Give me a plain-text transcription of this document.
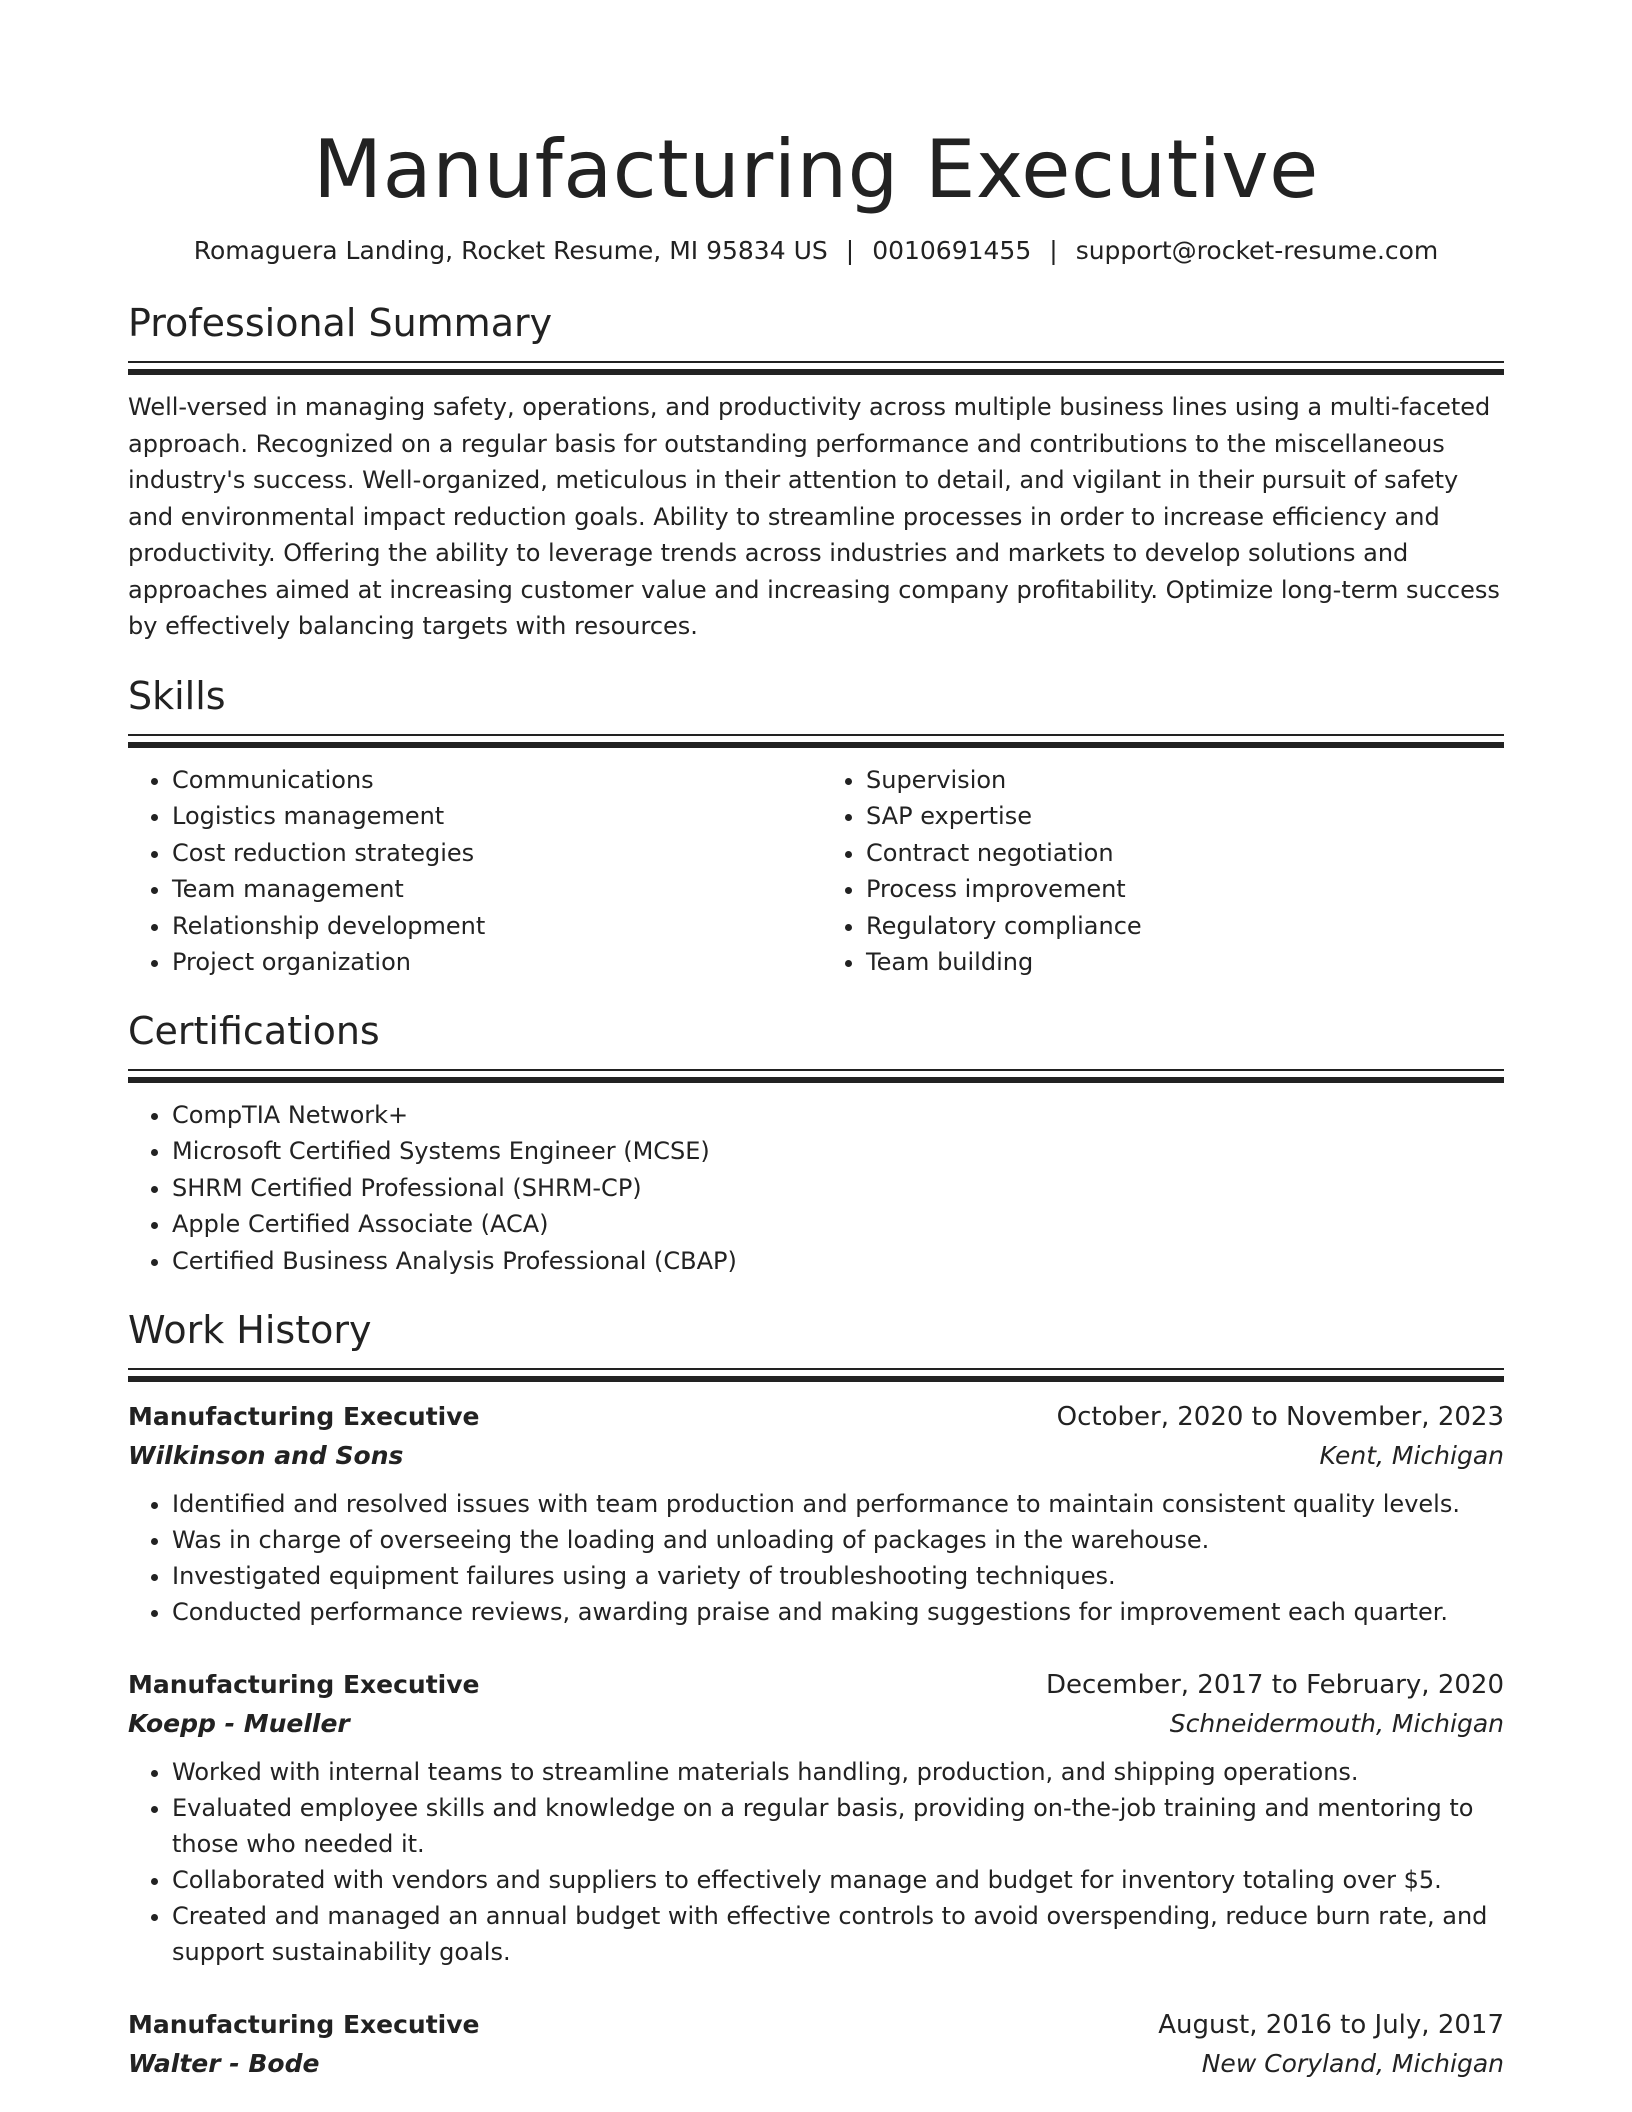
Manufacturing Executive
Romaguera Landing, Rocket Resume, MI 95834 US | 0010691455 | support@rocket-resume.com
Professional Summary

Well-versed in managing safety, operations, and productivity across multiple business lines using a multi-faceted approach. Recognized on a regular basis for outstanding performance and contributions to the miscellaneous industry's success. Well-organized, meticulous in their attention to detail, and vigilant in their pursuit of safety and environmental impact reduction goals. Ability to streamline processes in order to increase efficiency and productivity. Offering the ability to leverage trends across industries and markets to develop solutions and approaches aimed at increasing customer value and increasing company profitability. Optimize long-term success by effectively balancing targets with resources.

Skills
• Communications
• Logistics management
• Cost reduction strategies
• Team management
• Relationship development
• Project organization
• Supervision
• SAP expertise
• Contract negotiation
• Process improvement
• Regulatory compliance
• Team building
Certifications
• CompTIA Network+
• Microsoft Certified Systems Engineer (MCSE)
• SHRM Certified Professional (SHRM-CP)
• Apple Certified Associate (ACA)
• Certified Business Analysis Professional (CBAP)
Work History
Manufacturing Executive	October, 2020 to November, 2023
Wilkinson and Sons	Kent, Michigan
• Identified and resolved issues with team production and performance to maintain consistent quality levels.
• Was in charge of overseeing the loading and unloading of packages in the warehouse.
• Investigated equipment failures using a variety of troubleshooting techniques.
• Conducted performance reviews, awarding praise and making suggestions for improvement each quarter.
Manufacturing Executive	December, 2017 to February, 2020
Koepp - Mueller	Schneidermouth, Michigan
• Worked with internal teams to streamline materials handling, production, and shipping operations.
• Evaluated employee skills and knowledge on a regular basis, providing on-the-job training and mentoring to those who needed it.
• Collaborated with vendors and suppliers to effectively manage and budget for inventory totaling over $5.
• Created and managed an annual budget with effective controls to avoid overspending, reduce burn rate, and support sustainability goals.
Manufacturing Executive	August, 2016 to July, 2017
Walter - Bode	New Coryland, Michigan
